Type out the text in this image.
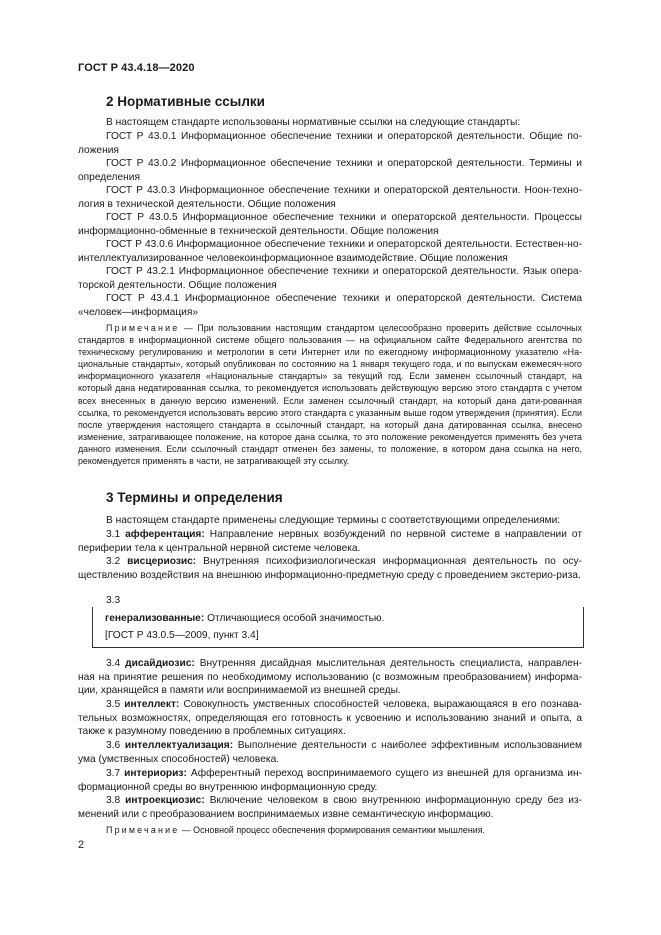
ГОСТ Р 43.4.18—2020
2 Нормативные ссылки

В настоящем стандарте использованы нормативные ссылки на следующие стандарты:

ГОСТ Р 43.0.1 Информационное обеспечение техники и операторской деятельности. Общие по-ложения

ГОСТ Р 43.0.2 Информационное обеспечение техники и операторской деятельности. Термины и определения

ГОСТ Р 43.0.3 Информационное обеспечение техники и операторской деятельности. Ноон-техно-логия в технической деятельности. Общие положения

ГОСТ Р 43.0.5 Информационное обеспечение техники и операторской деятельности. Процессы информационно-обменные в технической деятельности. Общие положения

ГОСТ Р 43.0.6 Информационное обеспечение техники и операторской деятельности. Естествен-но-интеллектуализированное человекоинформационное взаимодействие. Общие положения

ГОСТ Р 43.2.1 Информационное обеспечение техники и операторской деятельности. Язык опера-торской деятельности. Общие положения

ГОСТ Р 43.4.1 Информационное обеспечение техники и операторской деятельности. Система «человек—информация»

Примечание — При пользовании настоящим стандартом целесообразно проверить действие ссылочных стандартов в информационной системе общего пользования — на официальном сайте Федерального агентства по техническому регулированию и метрологии в сети Интернет или по ежегодному информационному указателю «На-циональные стандарты», который опубликован по состоянию на 1 января текущего года, и по выпускам ежемесяч-ного информационного указателя «Национальные стандарты» за текущий год. Если заменен ссылочный стандарт, на который дана недатированная ссылка, то рекомендуется использовать действующую версию этого стандарта с учетом всех внесенных в данную версию изменений. Если заменен ссылочный стандарт, на который дана дати-рованная ссылка, то рекомендуется использовать версию этого стандарта с указанным выше годом утверждения (принятия). Если после утверждения настоящего стандарта в ссылочный стандарт, на который дана датированная ссылка, внесено изменение, затрагивающее положение, на которое дана ссылка, то это положение рекомендуется применять без учета данного изменения. Если ссылочный стандарт отменен без замены, то положение, в котором дана ссылка на него, рекомендуется применять в части, не затрагивающей эту ссылку.

3 Термины и определения

В настоящем стандарте применены следующие термины с соответствующими определениями:

3.1 афферентация: Направление нервных возбуждений по нервной системе в направлении от периферии тела к центральной нервной системе человека.

3.2 висцериозис: Внутренняя психофизиологическая информационная деятельность по осу-ществлению воздействия на внешнюю информационно-предметную среду с проведением экстерио-риза.

3.3
генерализованные: Отличающиеся особой значимостью.
[ГОСТ Р 43.0.5—2009, пункт 3.4]

3.4 дисайдиозис: Внутренняя дисайдная мыслительная деятельность специалиста, направлен-ная на принятие решения по необходимому использованию (с возможным преобразованием) информа-ции, хранящейся в памяти или воспринимаемой из внешней среды.

3.5 интеллект: Совокупность умственных способностей человека, выражающаяся в его познава-тельных возможностях, определяющая его готовность к усвоению и использованию знаний и опыта, а также к разумному поведению в проблемных ситуациях.

3.6 интеллектуализация: Выполнение деятельности с наиболее эффективным использованием ума (умственных способностей) человека.

3.7 интериориз: Афферентный переход воспринимаемого сущего из внешней для организма ин-формационной среды во внутреннюю информационную среду.

3.8 интроекциозис: Включение человеком в свою внутреннюю информационную среду без из-менений или с преобразованием воспринимаемых извне семантическую информацию.

Примечание — Основной процесс обеспечения формирования семантики мышления.

2
